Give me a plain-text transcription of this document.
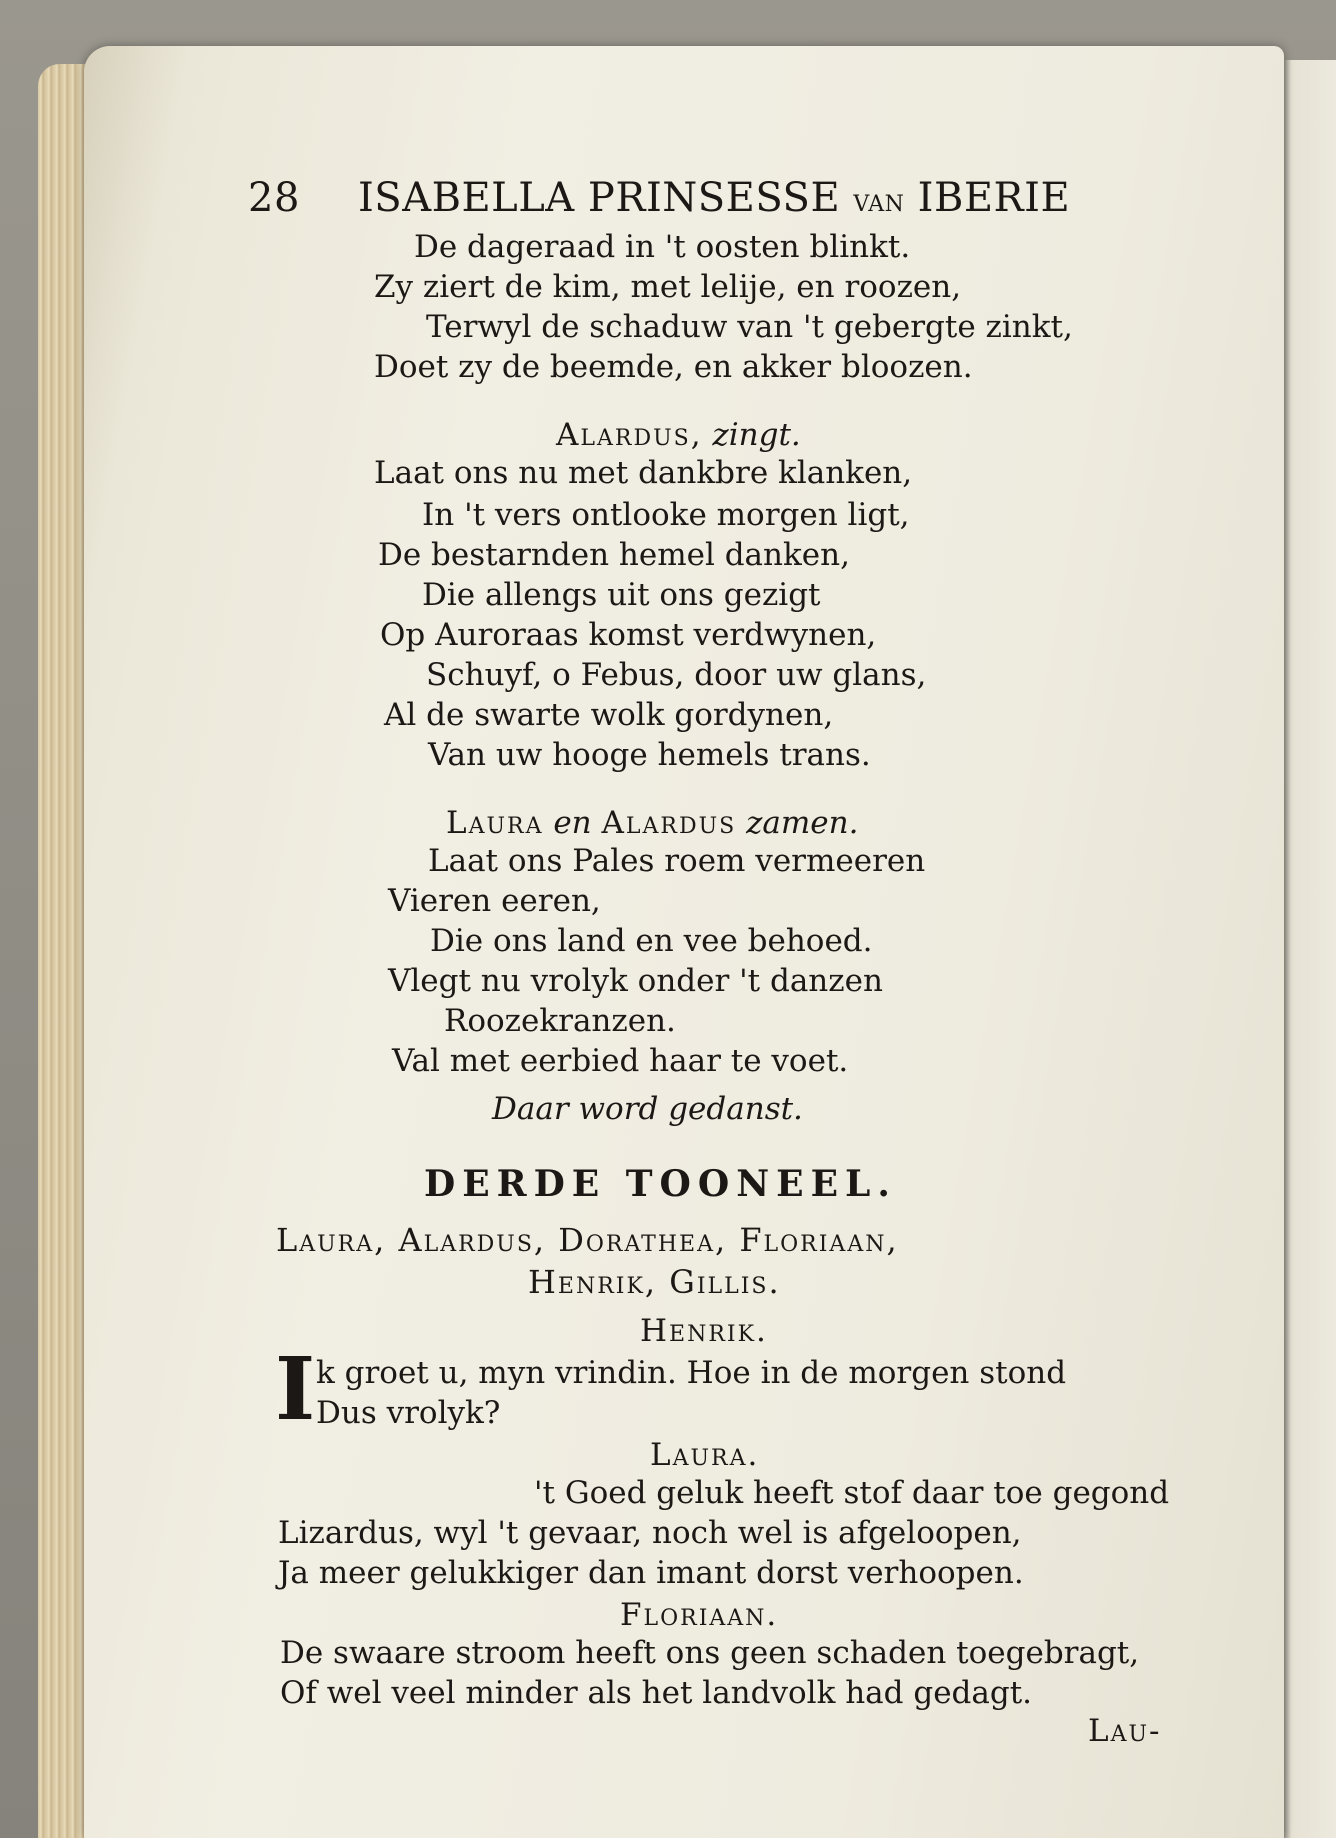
28 ISABELLA PRINSESSE van IBERIE
De dageraad in 't oosten blinkt.
Zy ziert de kim, met lelije, en roozen,
Terwyl de schaduw van 't gebergte zinkt,
Doet zy de beemde, en akker bloozen.
Alardus, zingt.
Laat ons nu met dankbre klanken,
In 't vers ontlooke morgen ligt,
De bestarnden hemel danken,
Die allengs uit ons gezigt
Op Auroraas komst verdwynen,
Schuyf, o Febus, door uw glans,
Al de swarte wolk gordynen,
Van uw hooge hemels trans.
Laura en Alardus zamen.
Laat ons Pales roem vermeeren
Vieren eeren,
Die ons land en vee behoed.
Vlegt nu vrolyk onder 't danzen
Roozekranzen.
Val met eerbied haar te voet.
Daar word gedanst.
DERDE TOONEEL.
Laura, Alardus, Dorathea, Floriaan,
Henrik, Gillis.
Henrik.
I k groet u, myn vrindin. Hoe in de morgen stond
Dus vrolyk?
Laura.
't Goed geluk heeft stof daar toe gegond
Lizardus, wyl 't gevaar, noch wel is afgeloopen,
Ja meer gelukkiger dan imant dorst verhoopen.
Floriaan.
De swaare stroom heeft ons geen schaden toegebragt,
Of wel veel minder als het landvolk had gedagt.
Lau-
